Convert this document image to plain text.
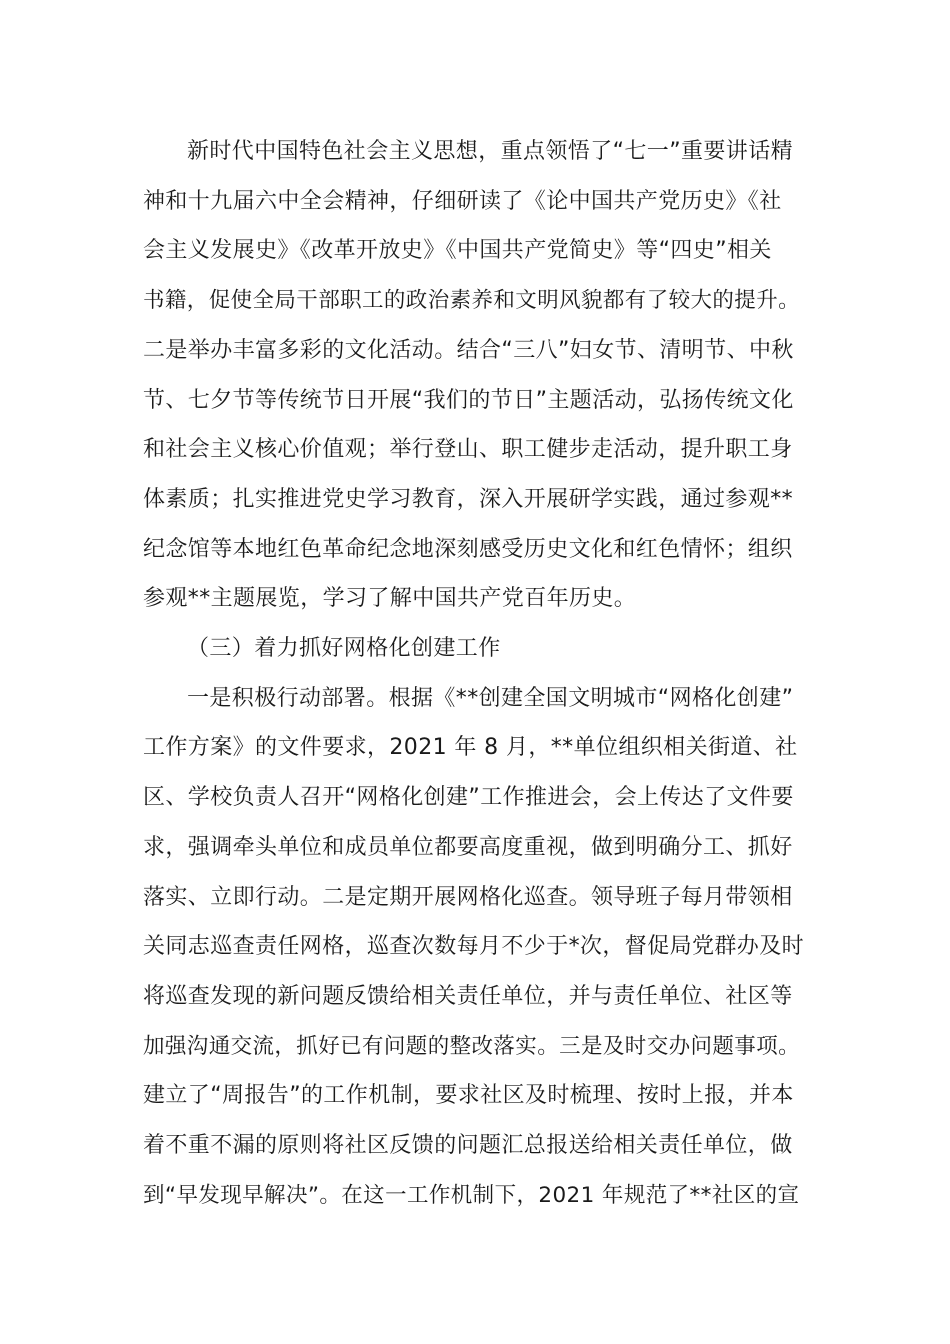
新时代中国特色社会主义思想，重点领悟了“七一”重要讲话精
神和十九届六中全会精神，仔细研读了《论中国共产党历史》《社
会主义发展史》《改革开放史》《中国共产党简史》等“四史”相关
书籍，促使全局干部职工的政治素养和文明风貌都有了较大的提升。
二是举办丰富多彩的文化活动。结合“三八”妇女节、清明节、中秋
节、七夕节等传统节日开展“我们的节日”主题活动，弘扬传统文化
和社会主义核心价值观；举行登山、职工健步走活动，提升职工身
体素质；扎实推进党史学习教育，深入开展研学实践，通过参观**
纪念馆等本地红色革命纪念地深刻感受历史文化和红色情怀；组织
参观**主题展览，学习了解中国共产党百年历史。
（三）着力抓好网格化创建工作
一是积极行动部署。根据《**创建全国文明城市“网格化创建”
工作方案》的文件要求，2021 年 8 月，**单位组织相关街道、社
区、学校负责人召开“网格化创建”工作推进会，会上传达了文件要
求，强调牵头单位和成员单位都要高度重视，做到明确分工、抓好
落实、立即行动。二是定期开展网格化巡查。领导班子每月带领相
关同志巡查责任网格，巡查次数每月不少于*次，督促局党群办及时
将巡查发现的新问题反馈给相关责任单位，并与责任单位、社区等
加强沟通交流，抓好已有问题的整改落实。三是及时交办问题事项。
建立了“周报告”的工作机制，要求社区及时梳理、按时上报，并本
着不重不漏的原则将社区反馈的问题汇总报送给相关责任单位，做
到“早发现早解决”。在这一工作机制下，2021 年规范了**社区的宣
